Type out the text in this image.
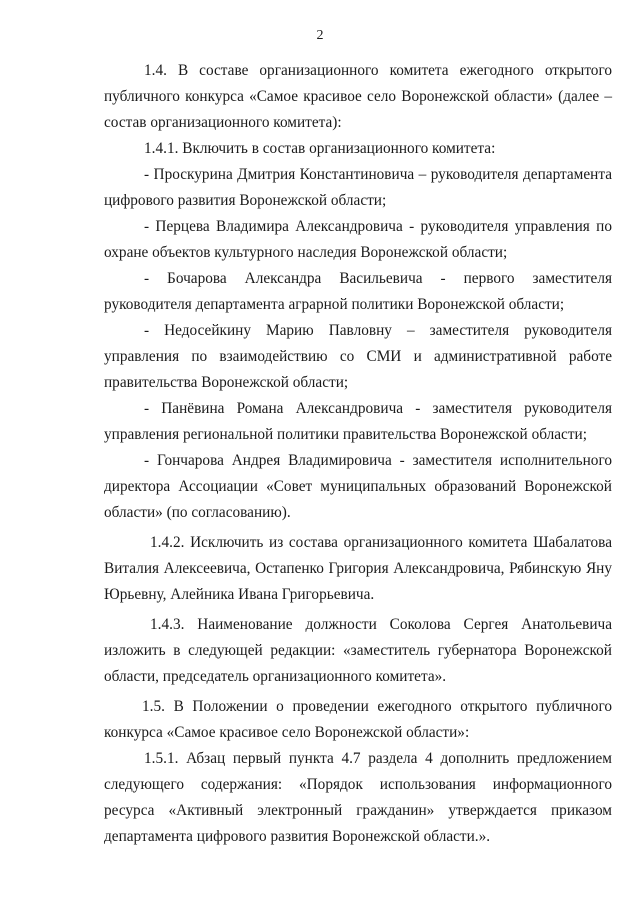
2

1.4. В составе организационного комитета ежегодного открытого публичного конкурса «Самое красивое село Воронежской области» (далее – состав организационного комитета):

1.4.1. Включить в состав организационного комитета:

- Проскурина Дмитрия Константиновича – руководителя департамента цифрового развития Воронежской области;

- Перцева Владимира Александровича - руководителя управления по охране объектов культурного наследия Воронежской области;

- Бочарова Александра Васильевича - первого заместителя руководителя департамента аграрной политики Воронежской области;

- Недосейкину Марию Павловну – заместителя руководителя управления по взаимодействию со СМИ и административной работе правительства Воронежской области;

- Панёвина Романа Александровича - заместителя руководителя управления региональной политики правительства Воронежской области;

- Гончарова Андрея Владимировича - заместителя исполнительного директора Ассоциации «Совет муниципальных образований Воронежской области» (по согласованию).

1.4.2. Исключить из состава организационного комитета Шабалатова Виталия Алексеевича, Остапенко Григория Александровича, Рябинскую Яну Юрьевну, Алейника Ивана Григорьевича.

1.4.3. Наименование должности Соколова Сергея Анатольевича изложить в следующей редакции: «заместитель губернатора Воронежской области, председатель организационного комитета».

1.5. В Положении о проведении ежегодного открытого публичного конкурса «Самое красивое село Воронежской области»:

1.5.1. Абзац первый пункта 4.7 раздела 4 дополнить предложением следующего содержания: «Порядок использования информационного ресурса «Активный электронный гражданин» утверждается приказом департамента цифрового развития Воронежской области.».
